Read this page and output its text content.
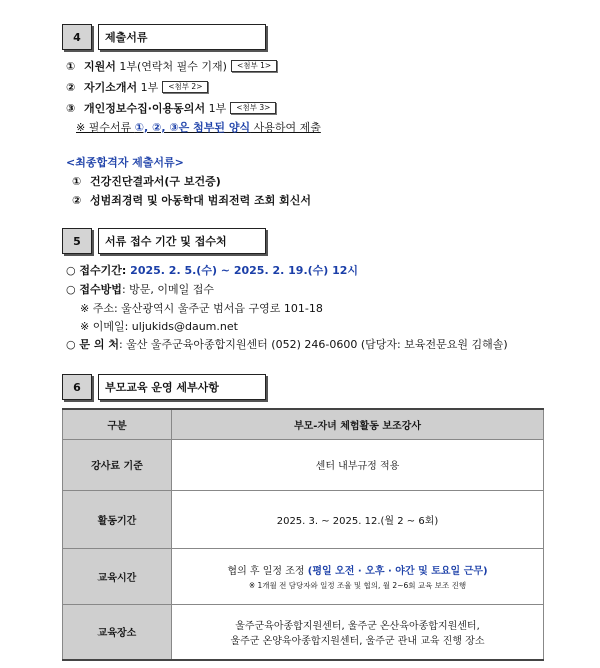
4	제출서류
① 지원서 1부(연락처 필수 기재) <첨부 1>
② 자기소개서 1부 <첨부 2>
③ 개인정보수집·이용동의서 1부 <첨부 3>
※ 필수서류 ①, ②, ③은 첨부된 양식 사용하여 제출
<최종합격자 제출서류>
① 건강진단결과서(구 보건증)
② 성범죄경력 및 아동학대 범죄전력 조회 회신서
5	서류 접수 기간 및 접수처
○ 접수기간: 2025. 2. 5.(수) ~ 2025. 2. 19.(수) 12시
○ 접수방법: 방문, 이메일 접수
※ 주소: 울산광역시 울주군 범서읍 구영로 101-18
※ 이메일: uljukids@daum.net
○ 문 의 처: 울산 울주군육아종합지원센터 (052) 246-0600 (담당자: 보육전문요원 김해솔)
6	부모교육 운영 세부사항
구분	부모-자녀 체험활동 보조강사
강사료 기준	센터 내부규정 적용
활동기간	2025. 3. ~ 2025. 12.(월 2 ~ 6회)
교육시간	협의 후 일정 조정 (평일 오전 · 오후 · 야간 및 토요일 근무)
※ 1개월 전 담당자와 일정 조율 및 협의, 월 2~6회 교육 보조 진행

교육장소	울주군육아종합지원센터, 울주군 온산육아종합지원센터,
울주군 온양육아종합지원센터, 울주군 관내 교육 진행 장소
